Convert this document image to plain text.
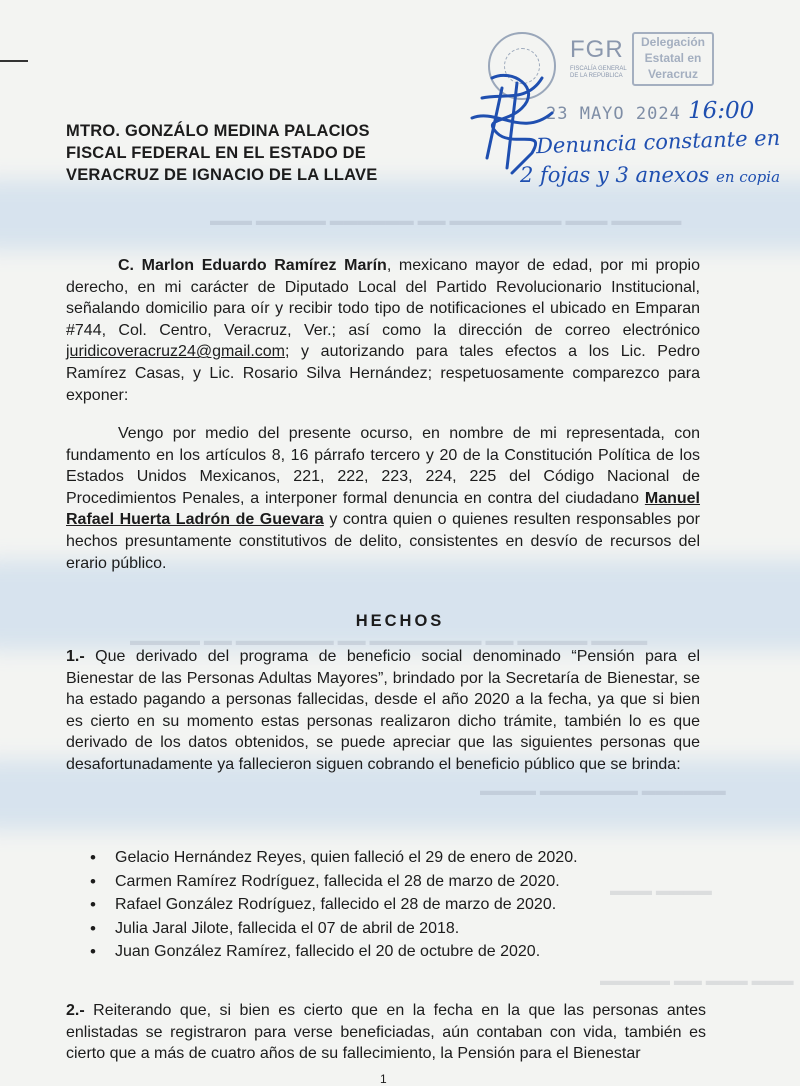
▬▬▬ ▬▬▬▬▬ ▬▬▬▬▬▬ ▬▬ ▬▬▬▬▬▬▬▬ ▬▬▬ ▬▬▬▬▬
▬▬▬▬▬ ▬▬ ▬▬▬▬▬▬▬ ▬▬ ▬▬▬▬▬▬▬▬ ▬▬ ▬▬▬▬▬ ▬▬▬▬
▬▬▬▬ ▬▬▬▬▬▬▬ ▬▬▬▬▬▬
▬▬▬ ▬▬▬▬
▬▬▬▬▬ ▬▬ ▬▬▬ ▬▬▬
FGR
FISCALÍA GENERAL DE LA REPÚBLICA
Delegación Estatal en Veracruz
23 MAYO 2024 16:00
Denuncia constante en
2 fojas y 3 anexos en copia
MTRO. GONZÁLO MEDINA PALACIOS
FISCAL FEDERAL EN EL ESTADO DE
VERACRUZ DE IGNACIO DE LA LLAVE
C. Marlon Eduardo Ramírez Marín, mexicano mayor de edad, por mi propio derecho, en mi carácter de Diputado Local del Partido Revolucionario Institucional, señalando domicilio para oír y recibir todo tipo de notificaciones el ubicado en Emparan #744, Col. Centro, Veracruz, Ver.; así como la dirección de correo electrónico juridicoveracruz24@gmail.com; y autorizando para tales efectos a los Lic. Pedro Ramírez Casas, y Lic. Rosario Silva Hernández; respetuosamente comparezco para exponer:
Vengo por medio del presente ocurso, en nombre de mi representada, con fundamento en los artículos 8, 16 párrafo tercero y 20 de la Constitución Política de los Estados Unidos Mexicanos, 221, 222, 223, 224, 225 del Código Nacional de Procedimientos Penales, a interponer formal denuncia en contra del ciudadano Manuel Rafael Huerta Ladrón de Guevara y contra quien o quienes resulten responsables por hechos presuntamente constitutivos de delito, consistentes en desvío de recursos del erario público.
HECHOS
1.- Que derivado del programa de beneficio social denominado “Pensión para el Bienestar de las Personas Adultas Mayores”, brindado por la Secretaría de Bienestar, se ha estado pagando a personas fallecidas, desde el año 2020 a la fecha, ya que si bien es cierto en su momento estas personas realizaron dicho trámite, también lo es que derivado de los datos obtenidos, se puede apreciar que las siguientes personas que desafortunadamente ya fallecieron siguen cobrando el beneficio público que se brinda:
• Gelacio Hernández Reyes, quien falleció el 29 de enero de 2020.
• Carmen Ramírez Rodríguez, fallecida el 28 de marzo de 2020.
• Rafael González Rodríguez, fallecido el 28 de marzo de 2020.
• Julia Jaral Jilote, fallecida el 07 de abril de 2018.
• Juan González Ramírez, fallecido el 20 de octubre de 2020.
2.- Reiterando que, si bien es cierto que en la fecha en la que las personas antes enlistadas se registraron para verse beneficiadas, aún contaban con vida, también es cierto que a más de cuatro años de su fallecimiento, la Pensión para el Bienestar
1
